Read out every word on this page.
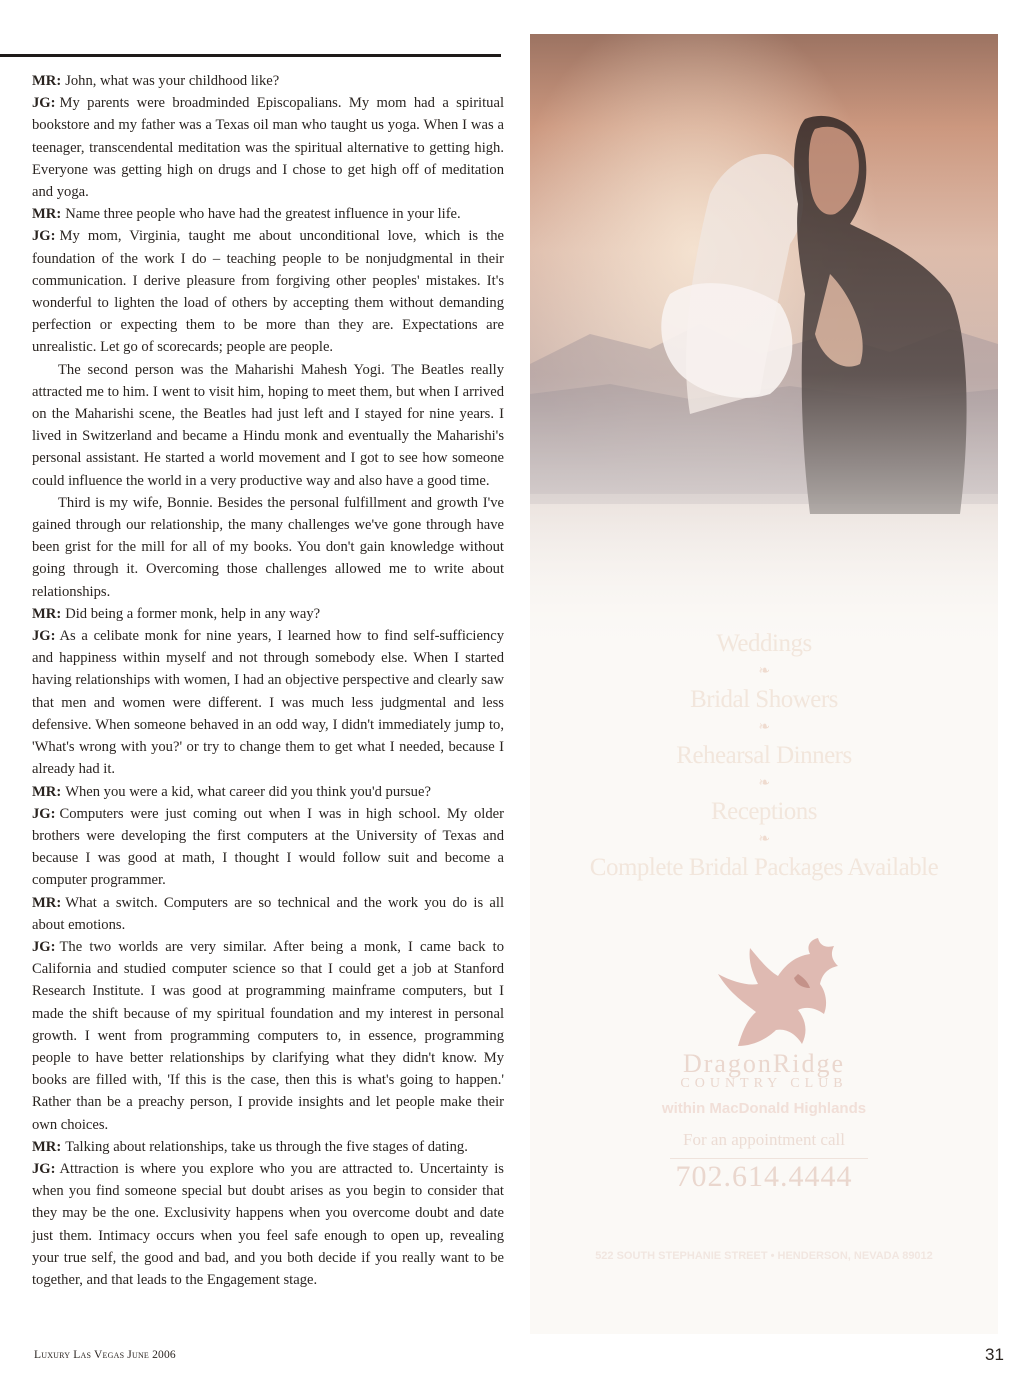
MR: John, what was your childhood like?

JG: My parents were broadminded Episcopalians. My mom had a spiritual bookstore and my father was a Texas oil man who taught us yoga. When I was a teenager, transcendental meditation was the spiritual alternative to getting high. Everyone was getting high on drugs and I chose to get high off of meditation and yoga.

MR: Name three people who have had the greatest influence in your life.

JG: My mom, Virginia, taught me about unconditional love, which is the foundation of the work I do – teaching people to be nonjudgmental in their communication. I derive pleasure from forgiving other peoples' mistakes. It's wonderful to lighten the load of others by accepting them without demanding perfection or expecting them to be more than they are. Expectations are unrealistic. Let go of scorecards; people are people.

The second person was the Maharishi Mahesh Yogi. The Beatles really attracted me to him. I went to visit him, hoping to meet them, but when I arrived on the Maharishi scene, the Beatles had just left and I stayed for nine years. I lived in Switzerland and became a Hindu monk and eventually the Maharishi's personal assistant. He started a world movement and I got to see how someone could influence the world in a very productive way and also have a good time.

Third is my wife, Bonnie. Besides the personal fulfillment and growth I've gained through our relationship, the many challenges we've gone through have been grist for the mill for all of my books. You don't gain knowledge without going through it. Overcoming those challenges allowed me to write about relationships.

MR: Did being a former monk, help in any way?

JG: As a celibate monk for nine years, I learned how to find self-sufficiency and happiness within myself and not through somebody else. When I started having relationships with women, I had an objective perspective and clearly saw that men and women were different. I was much less judgmental and less defensive. When someone behaved in an odd way, I didn't immediately jump to, 'What's wrong with you?' or try to change them to get what I needed, because I already had it.

MR: When you were a kid, what career did you think you'd pursue?

JG: Computers were just coming out when I was in high school. My older brothers were developing the first computers at the University of Texas and because I was good at math, I thought I would follow suit and become a computer programmer.

MR: What a switch. Computers are so technical and the work you do is all about emotions.

JG: The two worlds are very similar. After being a monk, I came back to California and studied computer science so that I could get a job at Stanford Research Institute. I was good at programming mainframe computers, but I made the shift because of my spiritual foundation and my interest in personal growth. I went from programming computers to, in essence, programming people to have better relationships by clarifying what they didn't know. My books are filled with, 'If this is the case, then this is what's going to happen.' Rather than be a preachy person, I provide insights and let people make their own choices.

MR: Talking about relationships, take us through the five stages of dating.

JG: Attraction is where you explore who you are attracted to. Uncertainty is when you find someone special but doubt arises as you begin to consider that they may be the one. Exclusivity happens when you overcome doubt and date just them. Intimacy occurs when you feel safe enough to open up, revealing your true self, the good and bad, and you both decide if you really want to be together, and that leads to the Engagement stage.

Luxury Las Vegas June 2006	31
Weddings
❧
Bridal Showers
❧
Rehearsal Dinners
❧
Receptions
❧
Complete Bridal Packages Available
DragonRidge
COUNTRY CLUB
within MacDonald Highlands
For an appointment call
702.614.4444
522 SOUTH STEPHANIE STREET • HENDERSON, NEVADA 89012
